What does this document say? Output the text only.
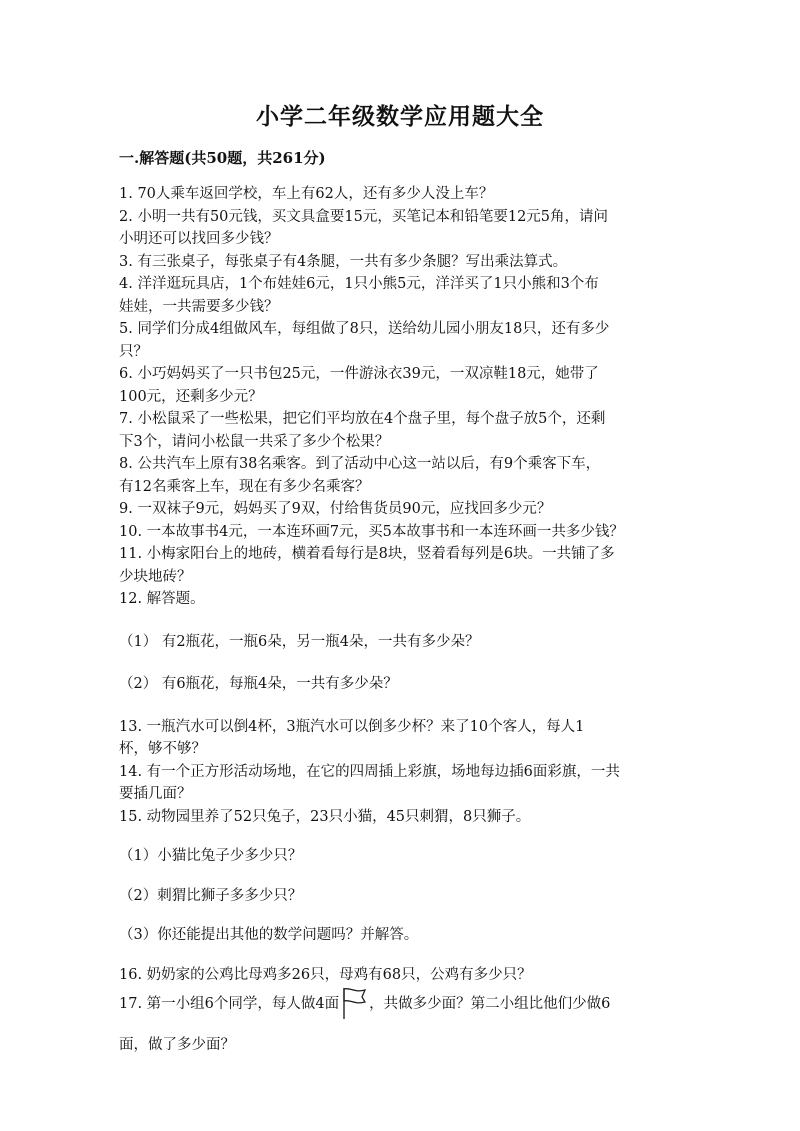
小学二年级数学应用题大全
一.解答题(共50题，共261分)

1. 70人乘车返回学校，车上有62人，还有多少人没上车？

2. 小明一共有50元钱，买文具盒要15元，买笔记本和铅笔要12元5角，请问

小明还可以找回多少钱？

3. 有三张桌子，每张桌子有4条腿，一共有多少条腿？写出乘法算式。

4. 洋洋逛玩具店，1个布娃娃6元，1只小熊5元，洋洋买了1只小熊和3个布

娃娃，一共需要多少钱？

5. 同学们分成4组做风车，每组做了8只，送给幼儿园小朋友18只，还有多少

只？

6. 小巧妈妈买了一只书包25元，一件游泳衣39元，一双凉鞋18元，她带了

100元，还剩多少元？

7. 小松鼠采了一些松果，把它们平均放在4个盘子里，每个盘子放5个，还剩

下3个，请问小松鼠一共采了多少个松果？

8. 公共汽车上原有38名乘客。到了活动中心这一站以后，有9个乘客下车，

有12名乘客上车，现在有多少名乘客？

9. 一双袜子9元，妈妈买了9双，付给售货员90元，应找回多少元？

10. 一本故事书4元，一本连环画7元，买5本故事书和一本连环画一共多少钱？

11. 小梅家阳台上的地砖，横着看每行是8块，竖着看每列是6块。一共铺了多

少块地砖？

12. 解答题。

（1） 有2瓶花，一瓶6朵，另一瓶4朵，一共有多少朵？

（2） 有6瓶花，每瓶4朵，一共有多少朵？

13. 一瓶汽水可以倒4杯，3瓶汽水可以倒多少杯？来了10个客人，每人1

杯，够不够？

14. 有一个正方形活动场地，在它的四周插上彩旗，场地每边插6面彩旗，一共

要插几面？

15. 动物园里养了52只兔子，23只小猫，45只刺猬，8只狮子。

（1）小猫比兔子少多少只？

（2）刺猬比狮子多多少只？

（3）你还能提出其他的数学问题吗？并解答。

16. 奶奶家的公鸡比母鸡多26只，母鸡有68只，公鸡有多少只？

17. 第一小组6个同学，每人做4面 ，共做多少面？第二小组比他们少做6

面，做了多少面？
